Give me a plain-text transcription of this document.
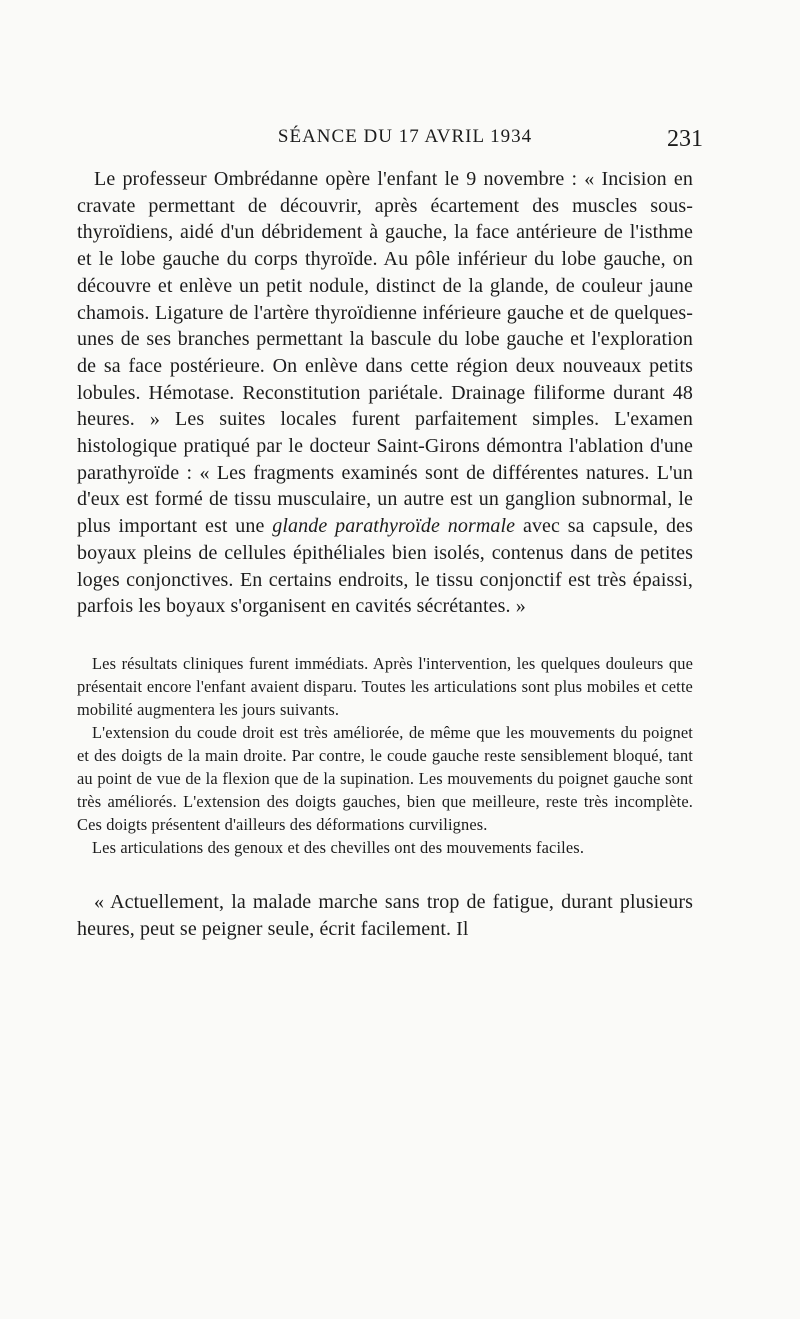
SÉANCE DU 17 AVRIL 1934	231

Le professeur Ombrédanne opère l'enfant le 9 novembre : « Incision en cravate permettant de découvrir, après écartement des muscles sous-thyroïdiens, aidé d'un débridement à gauche, la face antérieure de l'isthme et le lobe gauche du corps thyroïde. Au pôle inférieur du lobe gauche, on découvre et enlève un petit nodule, distinct de la glande, de couleur jaune chamois. Ligature de l'artère thyroïdienne inférieure gauche et de quelques-unes de ses branches permettant la bascule du lobe gauche et l'exploration de sa face postérieure. On enlève dans cette région deux nouveaux petits lobules. Hémotase. Reconstitution pariétale. Drainage filiforme durant 48 heures. » Les suites locales furent parfaitement simples. L'examen histologique pratiqué par le docteur Saint-Girons démontra l'ablation d'une parathyroïde : « Les fragments examinés sont de différentes natures. L'un d'eux est formé de tissu musculaire, un autre est un ganglion subnormal, le plus important est une glande parathyroïde normale avec sa capsule, des boyaux pleins de cellules épithéliales bien isolés, contenus dans de petites loges conjonctives. En certains endroits, le tissu conjonctif est très épaissi, parfois les boyaux s'organisent en cavités sécrétantes. »

Les résultats cliniques furent immédiats. Après l'intervention, les quelques douleurs que présentait encore l'enfant avaient disparu. Toutes les articulations sont plus mobiles et cette mobilité augmentera les jours suivants.

L'extension du coude droit est très améliorée, de même que les mouvements du poignet et des doigts de la main droite. Par contre, le coude gauche reste sensiblement bloqué, tant au point de vue de la flexion que de la supination. Les mouvements du poignet gauche sont très améliorés. L'extension des doigts gauches, bien que meilleure, reste très incomplète. Ces doigts présentent d'ailleurs des déformations curvilignes.

Les articulations des genoux et des chevilles ont des mouvements faciles.

« Actuellement, la malade marche sans trop de fatigue, durant plusieurs heures, peut se peigner seule, écrit facilement. Il
